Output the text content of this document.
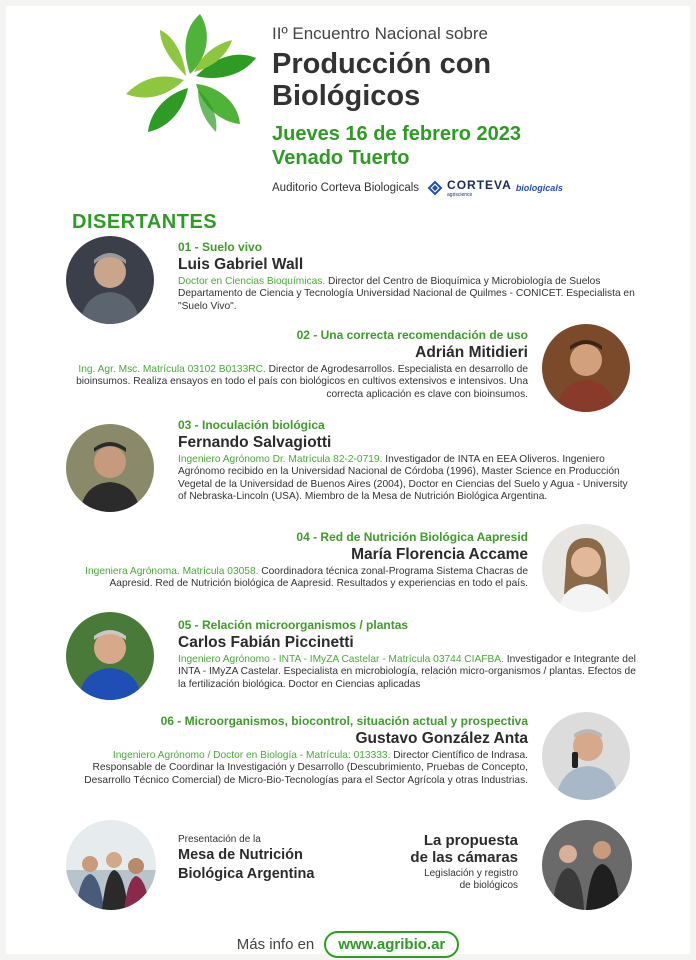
IIº Encuentro Nacional sobre
Producción con
Biológicos
Jueves 16 de febrero 2023
Venado Tuerto
Auditorio Corteva Biologicals CORTEVA
agriscience
biologicals
DISERTANTES
01 - Suelo vivo
Luis Gabriel Wall
Doctor en Ciencias Bioquímicas. Director del Centro de Bioquímica y Microbiología de Suelos Departamento de Ciencia y Tecnología Universidad Nacional de Quilmes - CONICET. Especialista en "Suelo Vivo".
02 - Una correcta recomendación de uso
Adrián Mitidieri
Ing. Agr. Msc. Matrícula 03102 B0133RC. Director de Agrodesarrollos. Especialista en desarrollo de bioinsumos. Realiza ensayos en todo el país con biológicos en cultivos extensivos e intensivos. Una correcta aplicación es clave con bioinsumos.
03 - Inoculación biológica
Fernando Salvagiotti
Ingeniero Agrónomo Dr. Matrícula 82-2-0719. Investigador de INTA en EEA Oliveros. Ingeniero Agrónomo recibido en la Universidad Nacional de Córdoba (1996), Master Science en Producción Vegetal de la Universidad de Buenos Aires (2004), Doctor en Ciencias del Suelo y Agua - University of Nebraska-Lincoln (USA). Miembro de la Mesa de Nutrición Biológica Argentina.
04 - Red de Nutrición Biológica Aapresid
María Florencia Accame
Ingeniera Agrónoma. Matrícula 03058. Coordinadora técnica zonal-Programa Sistema Chacras de Aapresid. Red de Nutrición biológica de Aapresid. Resultados y experiencias en todo el país.
05 - Relación microorganismos / plantas
Carlos Fabián Piccinetti
Ingeniero Agrónomo - INTA - IMyZA Castelar - Matrícula 03744 CIAFBA. Investigador e Integrante del INTA - IMyZA Castelar. Especialista en microbiología, relación micro-organismos / plantas. Efectos de la fertilización biológica. Doctor en Ciencias aplicadas
06 - Microorganismos, biocontrol, situación actual y prospectiva
Gustavo González Anta
Ingeniero Agrónomo / Doctor en Biología - Matrícula: 013333. Director Científico de Indrasa. Responsable de Coordinar la Investigación y Desarrollo (Descubrimiento, Pruebas de Concepto, Desarrollo Técnico Comercial) de Micro-Bio-Tecnologías para el Sector Agrícola y otras Industrias.
Presentación de la
Mesa de Nutrición
Biológica Argentina
La propuesta
de las cámaras
Legislación y registro
de biológicos
Más info en	www.agribio.ar
